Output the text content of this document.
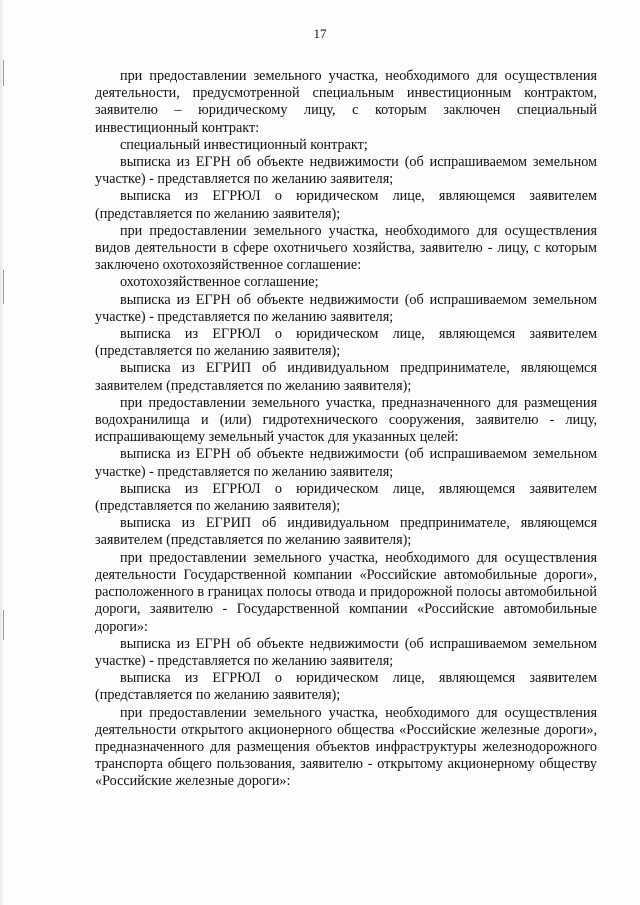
17

при предоставлении земельного участка, необходимого для осуществления деятельности, предусмотренной специальным инвестиционным контрактом, заявителю – юридическому лицу, с которым заключен специальный инвестиционный контракт:

специальный инвестиционный контракт;

выписка из ЕГРН об объекте недвижимости (об испрашиваемом земельном участке) - представляется по желанию заявителя;

выписка из ЕГРЮЛ о юридическом лице, являющемся заявителем (представляется по желанию заявителя);

при предоставлении земельного участка, необходимого для осуществления видов деятельности в сфере охотничьего хозяйства, заявителю - лицу, с которым заключено охотохозяйственное соглашение:

охотохозяйственное соглашение;

выписка из ЕГРН об объекте недвижимости (об испрашиваемом земельном участке) - представляется по желанию заявителя;

выписка из ЕГРЮЛ о юридическом лице, являющемся заявителем (представляется по желанию заявителя);

выписка из ЕГРИП об индивидуальном предпринимателе, являющемся заявителем (представляется по желанию заявителя);

при предоставлении земельного участка, предназначенного для размещения водохранилища и (или) гидротехнического сооружения, заявителю - лицу, испрашивающему земельный участок для указанных целей:

выписка из ЕГРН об объекте недвижимости (об испрашиваемом земельном участке) - представляется по желанию заявителя;

выписка из ЕГРЮЛ о юридическом лице, являющемся заявителем (представляется по желанию заявителя);

выписка из ЕГРИП об индивидуальном предпринимателе, являющемся заявителем (представляется по желанию заявителя);

при предоставлении земельного участка, необходимого для осуществления деятельности Государственной компании «Российские автомобильные дороги», расположенного в границах полосы отвода и придорожной полосы автомобильной дороги, заявителю - Государственной компании «Российские автомобильные дороги»:

выписка из ЕГРН об объекте недвижимости (об испрашиваемом земельном участке) - представляется по желанию заявителя;

выписка из ЕГРЮЛ о юридическом лице, являющемся заявителем (представляется по желанию заявителя);

при предоставлении земельного участка, необходимого для осуществления деятельности открытого акционерного общества «Российские железные дороги», предназначенного для размещения объектов инфраструктуры железнодорожного транспорта общего пользования, заявителю - открытому акционерному обществу «Российские железные дороги»:
